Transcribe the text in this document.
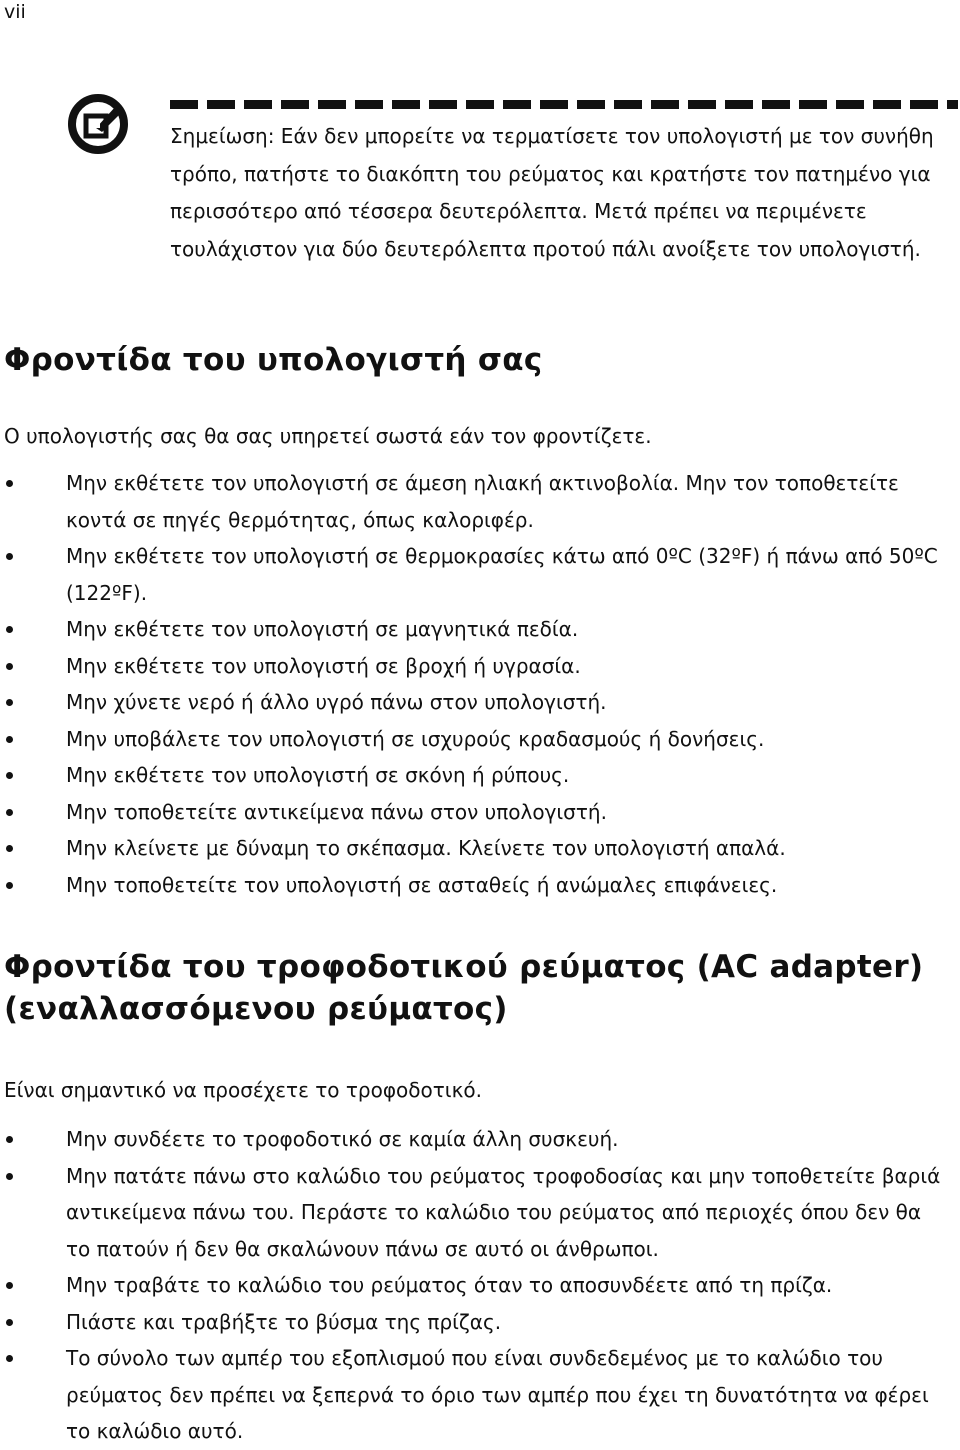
vii

Σημείωση: Εάν δεν μπορείτε να τερματίσετε τον υπολογιστή με τον συνήθη τρόπο, πατήστε το διακόπτη του ρεύματος και κρατήστε τον πατημένο για περισσότερο από τέσσερα δευτερόλεπτα. Μετά πρέπει να περιμένετε τουλάχιστον για δύο δευτερόλεπτα προτού πάλι ανοίξετε τον υπολογιστή.

Φροντίδα του υπολογιστή σας

Ο υπολογιστής σας θα σας υπηρετεί σωστά εάν τον φροντίζετε.

Μην εκθέτετε τον υπολογιστή σε άμεση ηλιακή ακτινοβολία. Μην τον τοποθετείτε κοντά σε πηγές θερμότητας, όπως καλοριφέρ.
Μην εκθέτετε τον υπολογιστή σε θερμοκρασίες κάτω από 0ºC (32ºF) ή πάνω από 50ºC (122ºF).
Μην εκθέτετε τον υπολογιστή σε μαγνητικά πεδία.
Μην εκθέτετε τον υπολογιστή σε βροχή ή υγρασία.
Μην χύνετε νερό ή άλλο υγρό πάνω στον υπολογιστή.
Μην υποβάλετε τον υπολογιστή σε ισχυρούς κραδασμούς ή δονήσεις.
Μην εκθέτετε τον υπολογιστή σε σκόνη ή ρύπους.
Μην τοποθετείτε αντικείμενα πάνω στον υπολογιστή.
Μην κλείνετε με δύναμη το σκέπασμα. Κλείνετε τον υπολογιστή απαλά.
Μην τοποθετείτε τον υπολογιστή σε ασταθείς ή ανώμαλες επιφάνειες.
Φροντίδα του τροφοδοτικού ρεύματος (AC adapter) (εναλλασσόμενου ρεύματος)

Είναι σημαντικό να προσέχετε το τροφοδοτικό.

Μην συνδέετε το τροφοδοτικό σε καμία άλλη συσκευή.
Μην πατάτε πάνω στο καλώδιο του ρεύματος τροφοδοσίας και μην τοποθετείτε βαριά αντικείμενα πάνω του. Περάστε το καλώδιο του ρεύματος από περιοχές όπου δεν θα το πατούν ή δεν θα σκαλώνουν πάνω σε αυτό οι άνθρωποι.
Μην τραβάτε το καλώδιο του ρεύματος όταν το αποσυνδέετε από τη πρίζα.
Πιάστε και τραβήξτε το βύσμα της πρίζας.
Το σύνολο των αμπέρ του εξοπλισμού που είναι συνδεδεμένος με το καλώδιο του ρεύματος δεν πρέπει να ξεπερνά το όριο των αμπέρ που έχει τη δυνατότητα να φέρει το καλώδιο αυτό.
